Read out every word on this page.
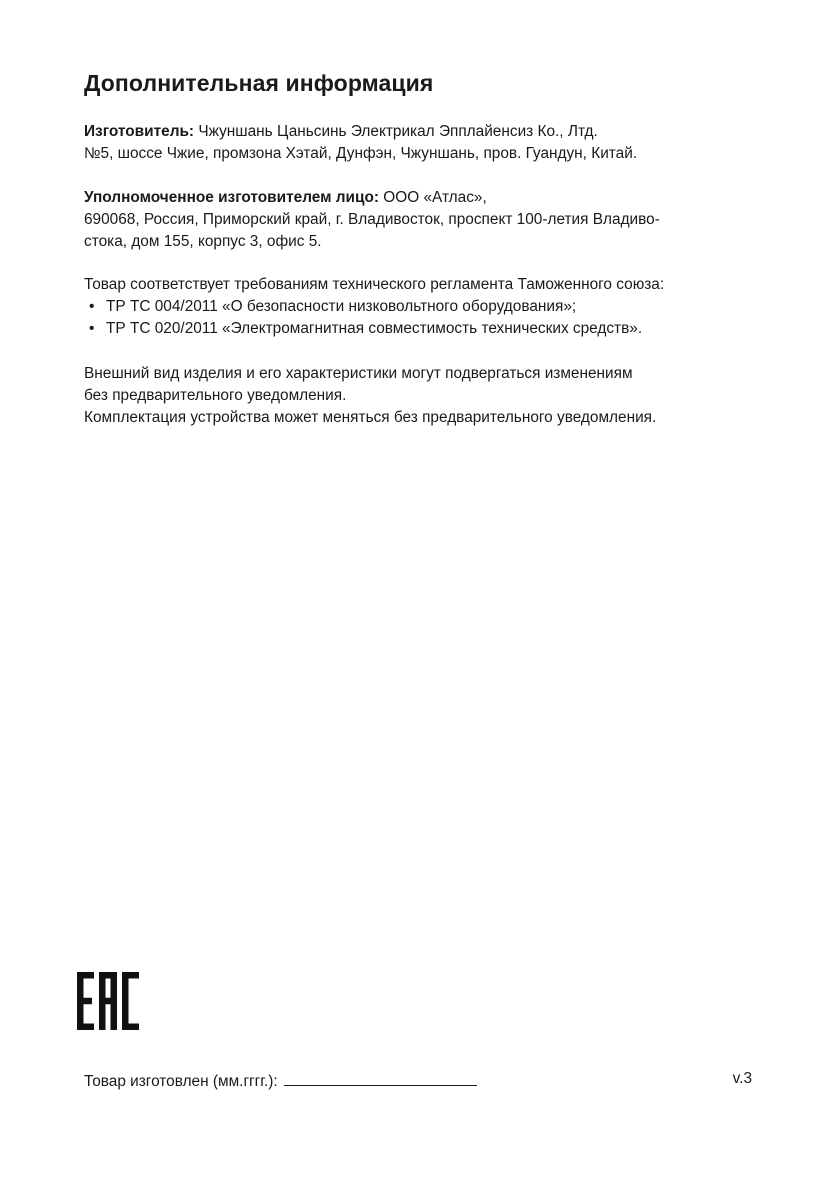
Дополнительная информация
Изготовитель: Чжуншань Цаньсинь Электрикал Эпплайенсиз Ко., Лтд.
№5, шоссе Чжие, промзона Хэтай, Дунфэн, Чжуншань, пров. Гуандун, Китай.
Уполномоченное изготовителем лицо: ООО «Атлас»,
690068, Россия, Приморский край, г. Владивосток, проспект 100-летия Владиво-
стока, дом 155, корпус 3, офис 5.
Товар соответствует требованиям технического регламента Таможенного союза:
• ТР ТС 004/2011 «О безопасности низковольтного оборудования»;
• ТР ТС 020/2011 «Электромагнитная совместимость технических средств».
Внешний вид изделия и его характеристики могут подвергаться изменениям
без предварительного уведомления.
Комплектация устройства может меняться без предварительного уведомления.
Товар изготовлен (мм.гггг.):	v.3
